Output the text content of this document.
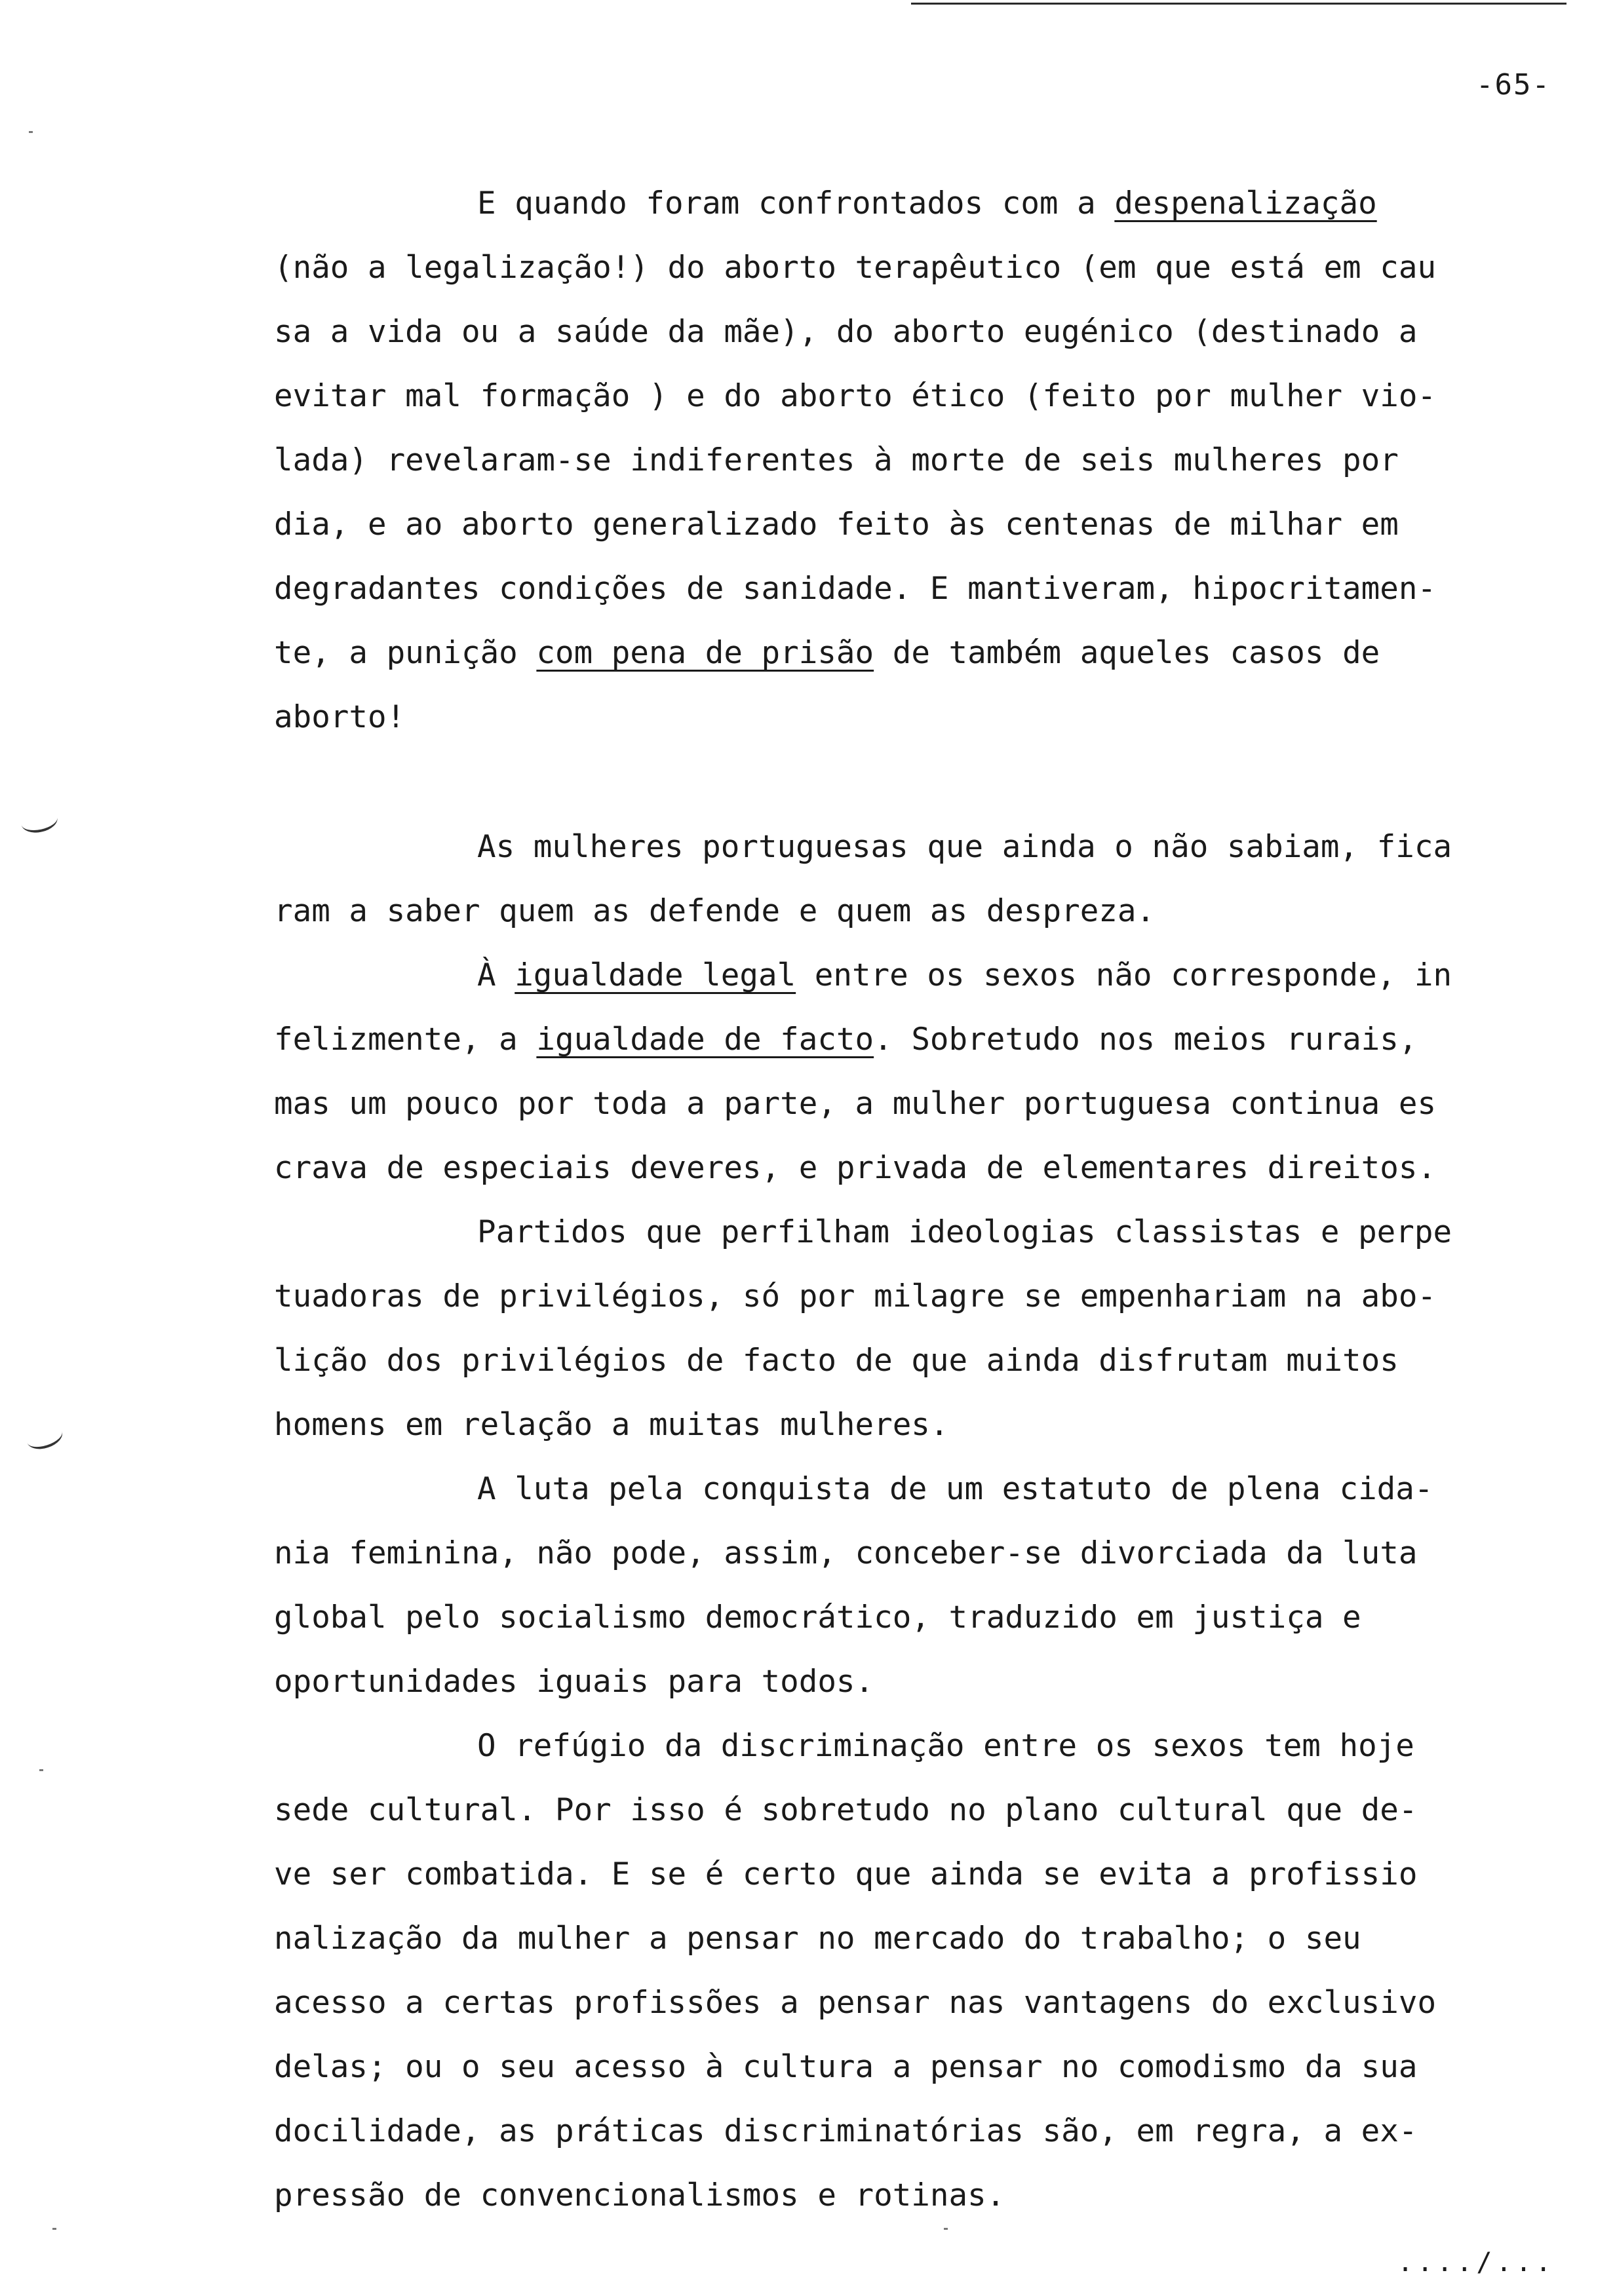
-65-
E quando foram confrontados com a despenalização
(não a legalização!) do aborto terapêutico (em que está em cau
sa a vida ou a saúde da mãe), do aborto eugénico (destinado a
evitar mal formação ) e do aborto ético (feito por mulher vio-
lada) revelaram-se indiferentes à morte de seis mulheres por
dia, e ao aborto generalizado feito às centenas de milhar em
degradantes condições de sanidade. E mantiveram, hipocritamen-
te, a punição com pena de prisão de também aqueles casos de
aborto!
As mulheres portuguesas que ainda o não sabiam, fica
ram a saber quem as defende e quem as despreza.
À igualdade legal entre os sexos não corresponde, in
felizmente, a igualdade de facto. Sobretudo nos meios rurais,
mas um pouco por toda a parte, a mulher portuguesa continua es
crava de especiais deveres, e privada de elementares direitos.
Partidos que perfilham ideologias classistas e perpe
tuadoras de privilégios, só por milagre se empenhariam na abo-
lição dos privilégios de facto de que ainda disfrutam muitos
homens em relação a muitas mulheres.
A luta pela conquista de um estatuto de plena cida-
nia feminina, não pode, assim, conceber-se divorciada da luta
global pelo socialismo democrático, traduzido em justiça e
oportunidades iguais para todos.
O refúgio da discriminação entre os sexos tem hoje
sede cultural. Por isso é sobretudo no plano cultural que de-
ve ser combatida. E se é certo que ainda se evita a profissio
nalização da mulher a pensar no mercado do trabalho; o seu
acesso a certas profissões a pensar nas vantagens do exclusivo
delas; ou o seu acesso à cultura a pensar no comodismo da sua
docilidade, as práticas discriminatórias são, em regra, a ex-
pressão de convencionalismos e rotinas.
..../...
